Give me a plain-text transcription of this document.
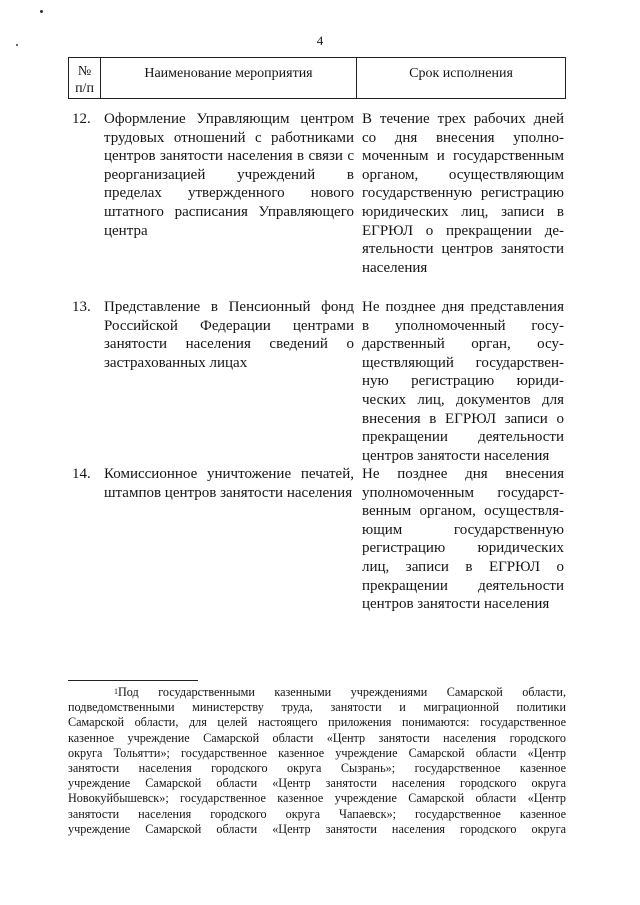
4
№
п/п
Наименование мероприятия	Срок исполнения
12. Оформление Управляющим центром
трудовых отношений с работниками
центров занятости населения в связи с
реорганизацией учреждений в
пределах утвержденного нового
штатного расписания Управляющего
центра
В течение трех рабочих дней
со дня внесения уполно-
моченным и государственным
органом, осуществляющим
государственную регистрацию
юридических лиц, записи в
ЕГРЮЛ о прекращении де-
ятельности центров занятости
населения
13. Представление в Пенсионный фонд
Российской Федерации центрами
занятости населения сведений о
застрахованных лицах
Не позднее дня представления
в уполномоченный госу-
дарственный орган, осу-
ществляющий государствен-
ную регистрацию юриди-
ческих лиц, документов для
внесения в ЕГРЮЛ записи о
прекращении деятельности
центров занятости населения
14. Комиссионное уничтожение печатей,
штампов центров занятости населения
Не позднее дня внесения
уполномоченным государст-
венным органом, осуществля-
ющим государственную
регистрацию юридических
лиц, записи в ЕГРЮЛ о
прекращении деятельности
центров занятости населения
$^1$Под государственными казенными учреждениями Самарской области,
подведомственными министерству труда, занятости и миграционной политики
Самарской области, для целей настоящего приложения понимаются: государственное
казенное учреждение Самарской области «Центр занятости населения городского
округа Тольятти»; государственное казенное учреждение Самарской области «Центр
занятости населения городского округа Сызрань»; государственное казенное
учреждение Самарской области «Центр занятости населения городского округа
Новокуйбышевск»; государственное казенное учреждение Самарской области «Центр
занятости населения городского округа Чапаевск»; государственное казенное
учреждение Самарской области «Центр занятости населения городского округа
